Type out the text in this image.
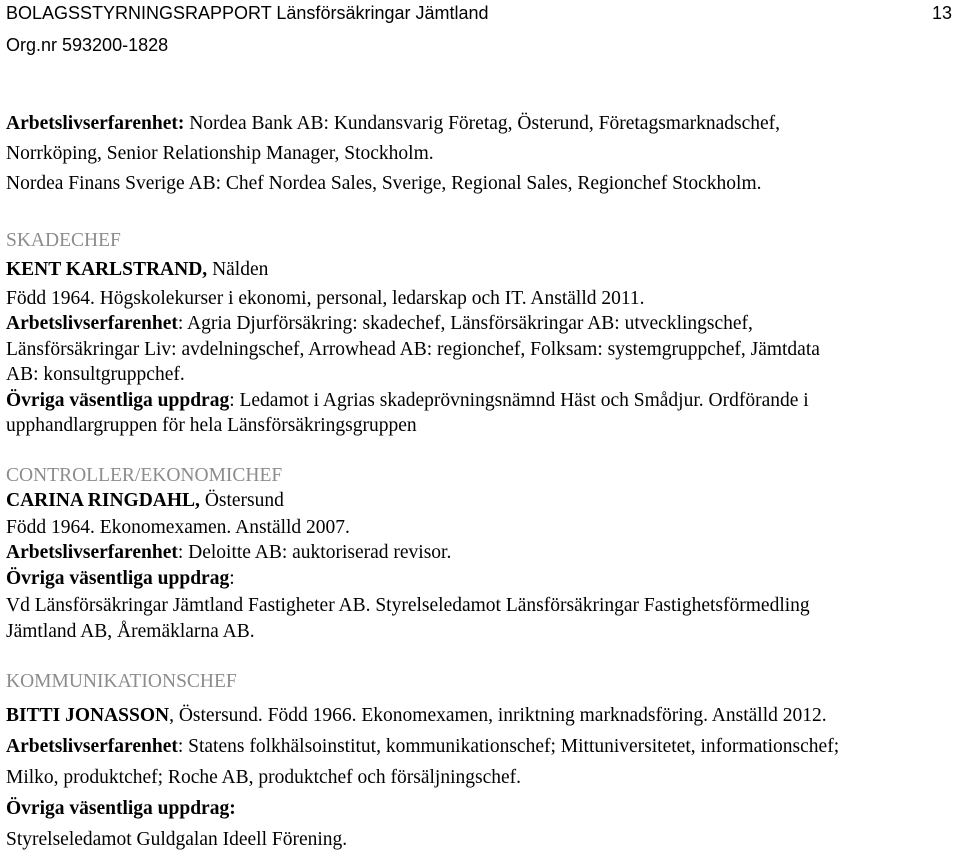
BOLAGSSTYRNINGSRAPPORT Länsförsäkringar Jämtland
Org.nr 593200-1828
13
Arbetslivserfarenhet: Nordea Bank AB: Kundansvarig Företag, Österund, Företagsmarknadschef,
Norrköping, Senior Relationship Manager, Stockholm.
Nordea Finans Sverige AB: Chef Nordea Sales, Sverige, Regional Sales, Regionchef Stockholm.
SKADECHEF
KENT KARLSTRAND, Nälden
Född 1964. Högskolekurser i ekonomi, personal, ledarskap och IT. Anställd 2011.
Arbetslivserfarenhet: Agria Djurförsäkring: skadechef, Länsförsäkringar AB: utvecklingschef,
Länsförsäkringar Liv: avdelningschef, Arrowhead AB: regionchef, Folksam: systemgruppchef, Jämtdata
AB: konsultgruppchef.
Övriga väsentliga uppdrag: Ledamot i Agrias skadeprövningsnämnd Häst och Smådjur. Ordförande i
upphandlargruppen för hela Länsförsäkringsgruppen
CONTROLLER/EKONOMICHEF
CARINA RINGDAHL, Östersund
Född 1964. Ekonomexamen. Anställd 2007.
Arbetslivserfarenhet: Deloitte AB: auktoriserad revisor.
Övriga väsentliga uppdrag:
Vd Länsförsäkringar Jämtland Fastigheter AB. Styrelseledamot Länsförsäkringar Fastighetsförmedling
Jämtland AB, Åremäklarna AB.
KOMMUNIKATIONSCHEF
BITTI JONASSON, Östersund. Född 1966. Ekonomexamen, inriktning marknadsföring. Anställd 2012.
Arbetslivserfarenhet: Statens folkhälsoinstitut, kommunikationschef; Mittuniversitetet, informationschef;
Milko, produktchef; Roche AB, produktchef och försäljningschef.
Övriga väsentliga uppdrag:
Styrelseledamot Guldgalan Ideell Förening.
